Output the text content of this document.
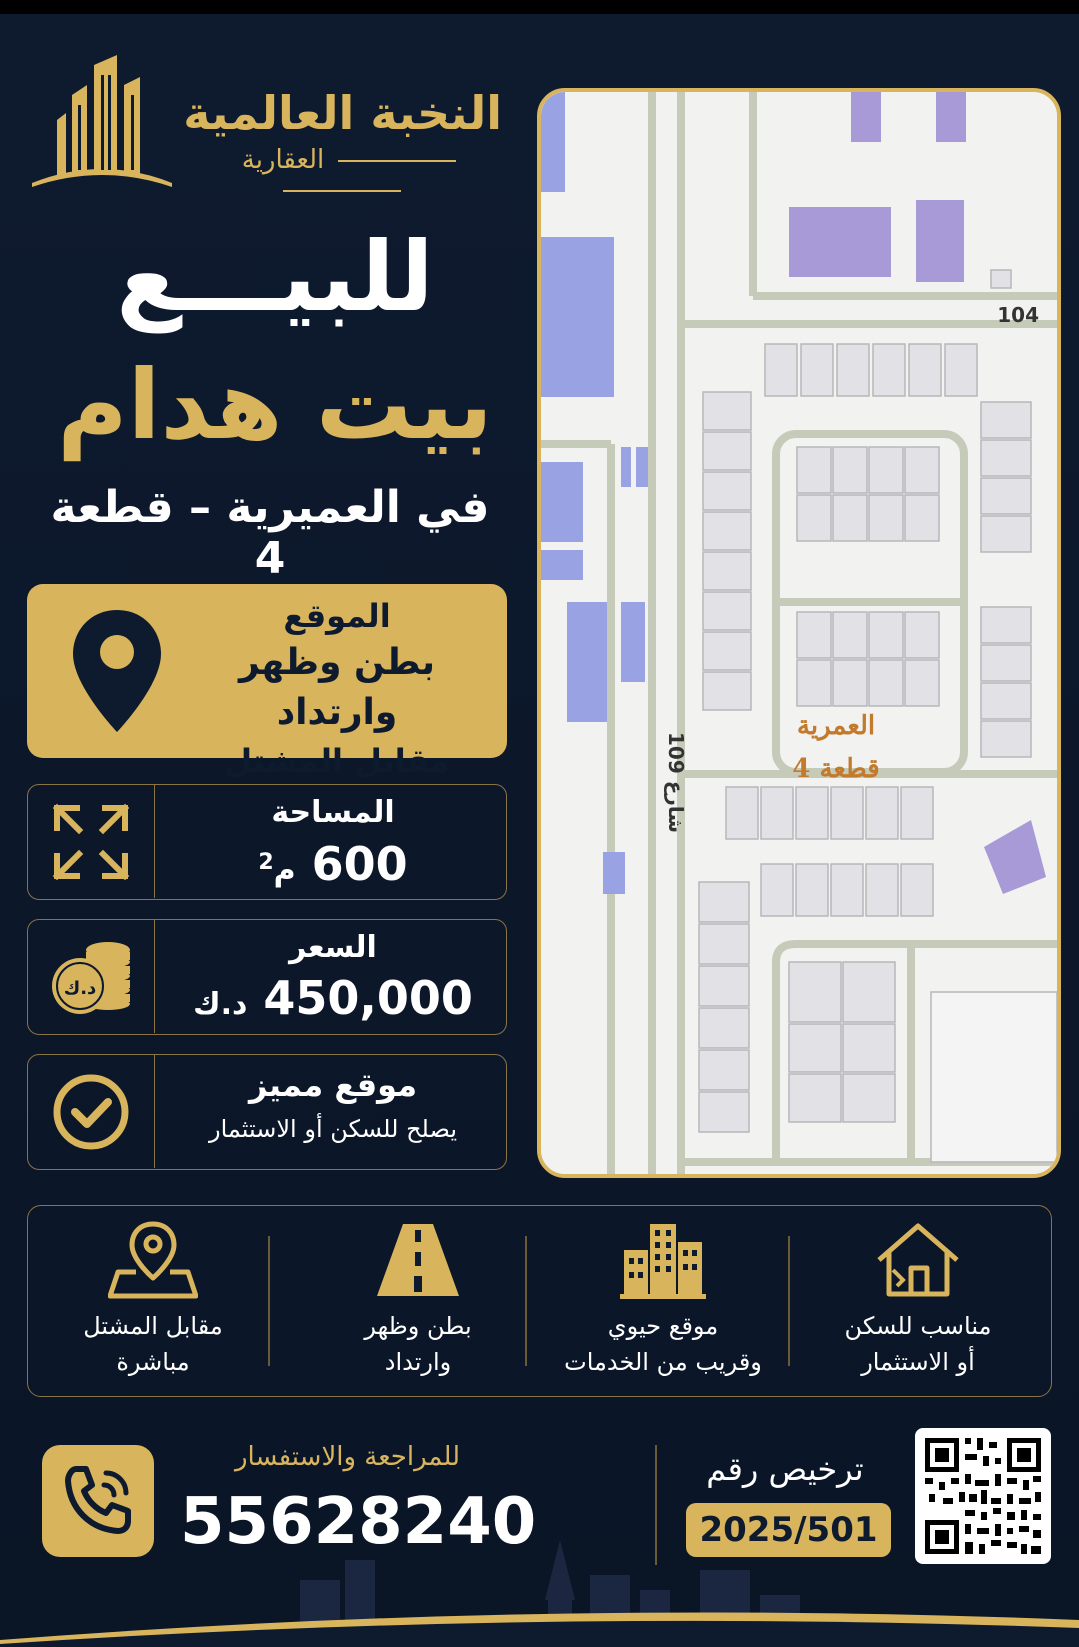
النخبة العالمية
العقارية
للبيـــع
بيت هدام
في العميرية – قطعة 4
الموقع
بطن وظهر وارتداد
مقابل المشتل
المساحة
600 م$^2$
د.ك
السعر
450,000 د.ك
موقع مميز
يصلح للسكن أو الاستثمار
104
شارع 109
العمرية
قطعة 4
مناسب للسكن
أو الاستثمار
موقع حيوي
وقريب من الخدمات
بطن وظهر
وارتداد
مقابل المشتل
مباشرة
للمراجعة والاستفسار
55628240
ترخيص رقم
2025/501
